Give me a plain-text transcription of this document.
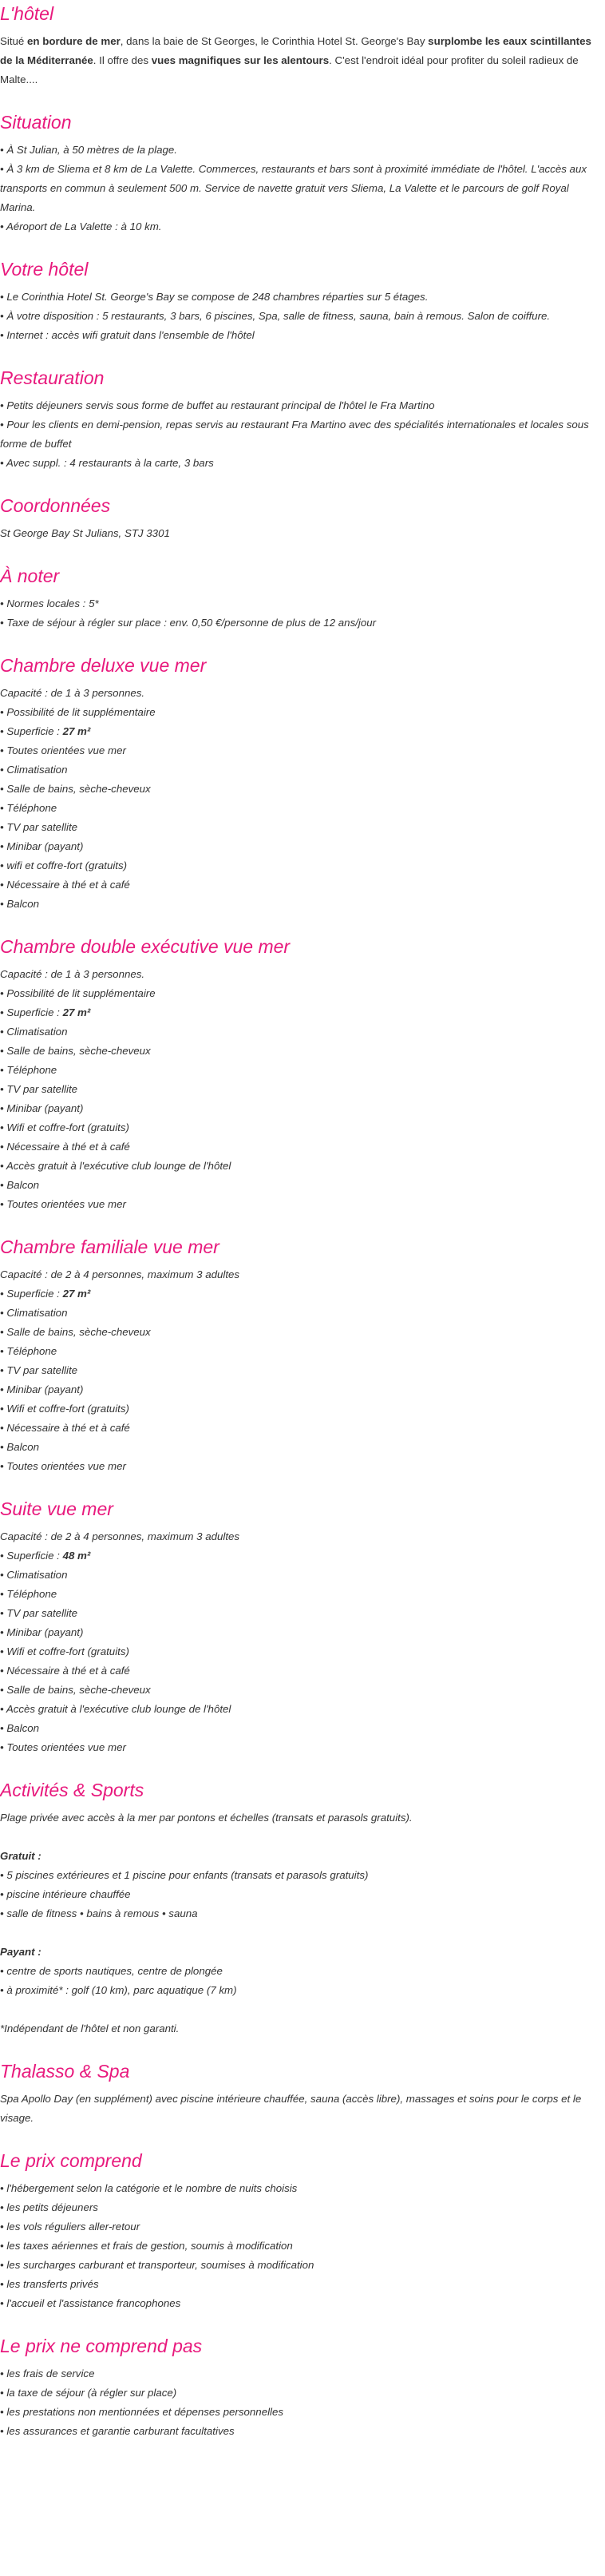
L'hôtel
Situé en bordure de mer, dans la baie de St Georges, le Corinthia Hotel St. George's Bay surplombe les eaux scintillantes de la Méditerranée. Il offre des vues magnifiques sur les alentours. C'est l'endroit idéal pour profiter du soleil radieux de Malte....
Situation
• À St Julian, à 50 mètres de la plage.
• À 3 km de Sliema et 8 km de La Valette. Commerces, restaurants et bars sont à proximité immédiate de l'hôtel. L'accès aux transports en commun à seulement 500 m. Service de navette gratuit vers Sliema, La Valette et le parcours de golf Royal Marina.
• Aéroport de La Valette : à 10 km.
Votre hôtel
• Le Corinthia Hotel St. George's Bay se compose de 248 chambres réparties sur 5 étages.
• À votre disposition : 5 restaurants, 3 bars, 6 piscines, Spa, salle de fitness, sauna, bain à remous. Salon de coiffure.
• Internet : accès wifi gratuit dans l'ensemble de l'hôtel
Restauration
• Petits déjeuners servis sous forme de buffet au restaurant principal de l'hôtel le Fra Martino
• Pour les clients en demi-pension, repas servis au restaurant Fra Martino avec des spécialités internationales et locales sous forme de buffet
• Avec suppl. : 4 restaurants à la carte, 3 bars
Coordonnées
St George Bay St Julians, STJ 3301
À noter
• Normes locales : 5*
• Taxe de séjour à régler sur place : env. 0,50 €/personne de plus de 12 ans/jour
Chambre deluxe vue mer
Capacité : de 1 à 3 personnes.
• Possibilité de lit supplémentaire
• Superficie : 27 m²
• Toutes orientées vue mer
• Climatisation
• Salle de bains, sèche-cheveux
• Téléphone
• TV par satellite
• Minibar (payant)
• wifi et coffre-fort (gratuits)
• Nécessaire à thé et à café
• Balcon
Chambre double exécutive vue mer
Capacité : de 1 à 3 personnes.
• Possibilité de lit supplémentaire
• Superficie : 27 m²
• Climatisation
• Salle de bains, sèche-cheveux
• Téléphone
• TV par satellite
• Minibar (payant)
• Wifi et coffre-fort (gratuits)
• Nécessaire à thé et à café
• Accès gratuit à l'exécutive club lounge de l'hôtel
• Balcon
• Toutes orientées vue mer
Chambre familiale vue mer
Capacité : de 2 à 4 personnes, maximum 3 adultes
• Superficie : 27 m²
• Climatisation
• Salle de bains, sèche-cheveux
• Téléphone
• TV par satellite
• Minibar (payant)
• Wifi et coffre-fort (gratuits)
• Nécessaire à thé et à café
• Balcon
• Toutes orientées vue mer
Suite vue mer
Capacité : de 2 à 4 personnes, maximum 3 adultes
• Superficie : 48 m²
• Climatisation
• Téléphone
• TV par satellite
• Minibar (payant)
• Wifi et coffre-fort (gratuits)
• Nécessaire à thé et à café
• Salle de bains, sèche-cheveux
• Accès gratuit à l'exécutive club lounge de l'hôtel
• Balcon
• Toutes orientées vue mer
Activités & Sports
Plage privée avec accès à la mer par pontons et échelles (transats et parasols gratuits).
Gratuit :
• 5 piscines extérieures et 1 piscine pour enfants (transats et parasols gratuits)
• piscine intérieure chauffée
• salle de fitness • bains à remous • sauna
Payant :
• centre de sports nautiques, centre de plongée
• à proximité* : golf (10 km), parc aquatique (7 km)
*Indépendant de l'hôtel et non garanti.
Thalasso & Spa
Spa Apollo Day (en supplément) avec piscine intérieure chauffée, sauna (accès libre), massages et soins pour le corps et le visage.
Le prix comprend
• l'hébergement selon la catégorie et le nombre de nuits choisis
• les petits déjeuners
• les vols réguliers aller-retour
• les taxes aériennes et frais de gestion, soumis à modification
• les surcharges carburant et transporteur, soumises à modification
• les transferts privés
• l'accueil et l'assistance francophones
Le prix ne comprend pas
• les frais de service
• la taxe de séjour (à régler sur place)
• les prestations non mentionnées et dépenses personnelles
• les assurances et garantie carburant facultatives
